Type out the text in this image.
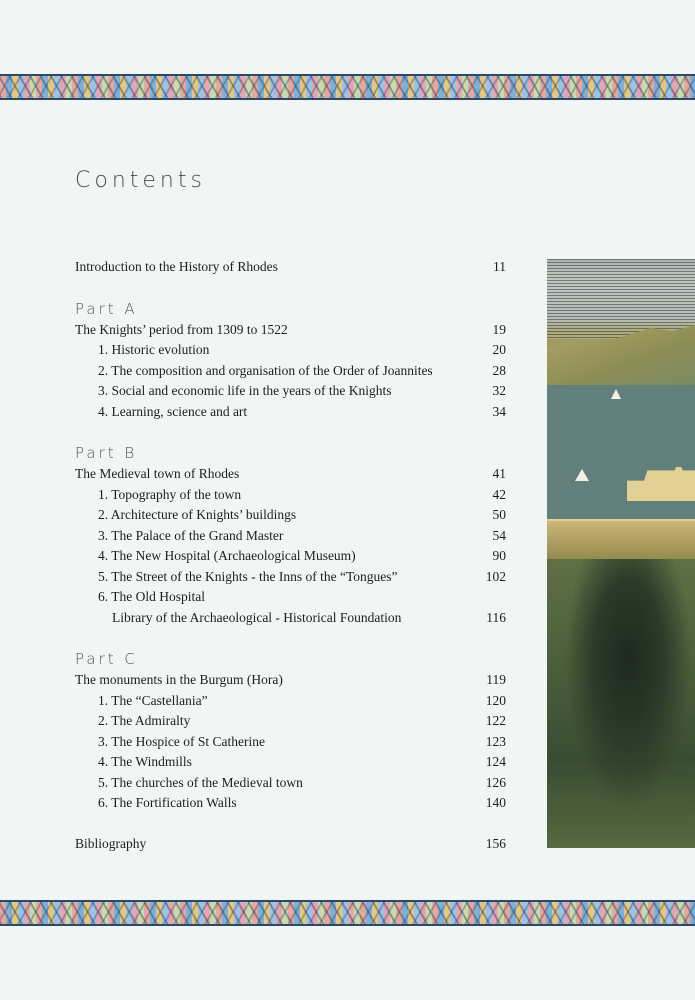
Contents
Introduction to the History of Rhodes	11
Part A
The Knights’ period from 1309 to 1522	19
1. Historic evolution	20
2. The composition and organisation of the Order of Joannites	28
3. Social and economic life in the years of the Knights	32
4. Learning, science and art	34
Part B
The Medieval town of Rhodes	41
1. Topography of the town	42
2. Architecture of Knights’ buildings	50
3. The Palace of the Grand Master	54
4. The New Hospital (Archaeological Museum)	90
5. The Street of the Knights - the Inns of the “Tongues”	102
6. The Old Hospital
Library of the Archaeological - Historical Foundation	116
Part C
The monuments in the Burgum (Hora)	119
1. The “Castellania”	120
2. The Admiralty	122
3. The Hospice of St Catherine	123
4. The Windmills	124
5. The churches of the Medieval town	126
6. The Fortification Walls	140
Bibliography	156
